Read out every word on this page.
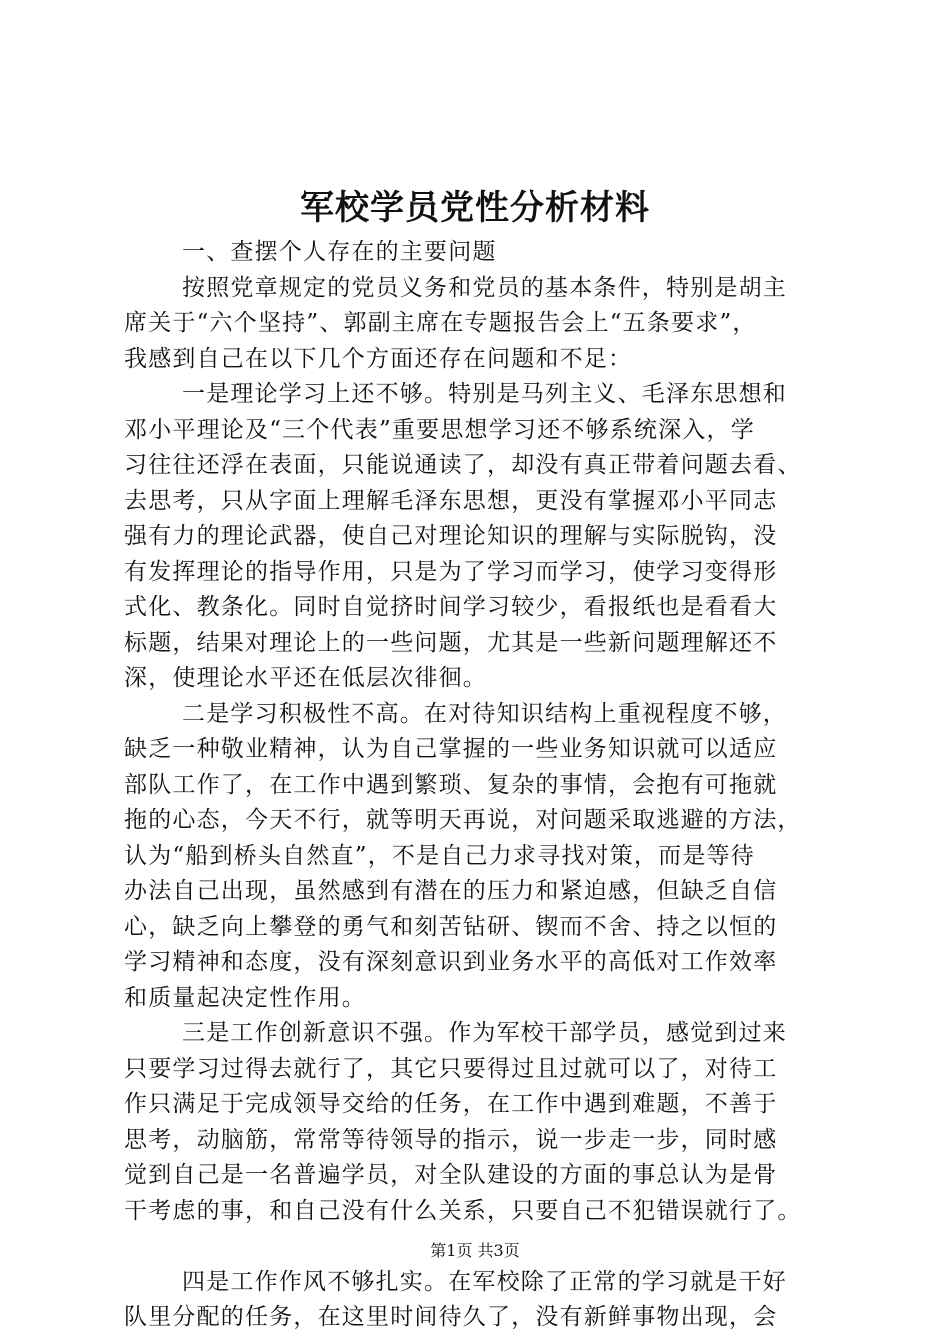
军校学员党性分析材料
一、查摆个人存在的主要问题
按照党章规定的党员义务和党员的基本条件，特别是胡主
席关于“六个坚持”、郭副主席在专题报告会上“五条要求”，
我感到自己在以下几个方面还存在问题和不足：
一是理论学习上还不够。特别是马列主义、毛泽东思想和
邓小平理论及“三个代表”重要思想学习还不够系统深入，学
习往往还浮在表面，只能说通读了，却没有真正带着问题去看、
去思考，只从字面上理解毛泽东思想，更没有掌握邓小平同志
强有力的理论武器，使自己对理论知识的理解与实际脱钩，没
有发挥理论的指导作用，只是为了学习而学习，使学习变得形
式化、教条化。同时自觉挤时间学习较少，看报纸也是看看大
标题，结果对理论上的一些问题，尤其是一些新问题理解还不
深，使理论水平还在低层次徘徊。
二是学习积极性不高。在对待知识结构上重视程度不够，
缺乏一种敬业精神，认为自己掌握的一些业务知识就可以适应
部队工作了，在工作中遇到繁琐、复杂的事情，会抱有可拖就
拖的心态，今天不行，就等明天再说，对问题采取逃避的方法，
认为“船到桥头自然直”，不是自己力求寻找对策，而是等待
办法自己出现，虽然感到有潜在的压力和紧迫感，但缺乏自信
心，缺乏向上攀登的勇气和刻苦钻研、锲而不舍、持之以恒的
学习精神和态度，没有深刻意识到业务水平的高低对工作效率
和质量起决定性作用。
三是工作创新意识不强。作为军校干部学员，感觉到过来
只要学习过得去就行了，其它只要得过且过就可以了，对待工
作只满足于完成领导交给的任务，在工作中遇到难题，不善于
思考，动脑筋，常常等待领导的指示，说一步走一步，同时感
觉到自己是一名普遍学员，对全队建设的方面的事总认为是骨
干考虑的事，和自己没有什么关系，只要自己不犯错误就行了。
四是工作作风不够扎实。在军校除了正常的学习就是干好
队里分配的任务，在这里时间待久了，没有新鲜事物出现，会
第1页 共3页
